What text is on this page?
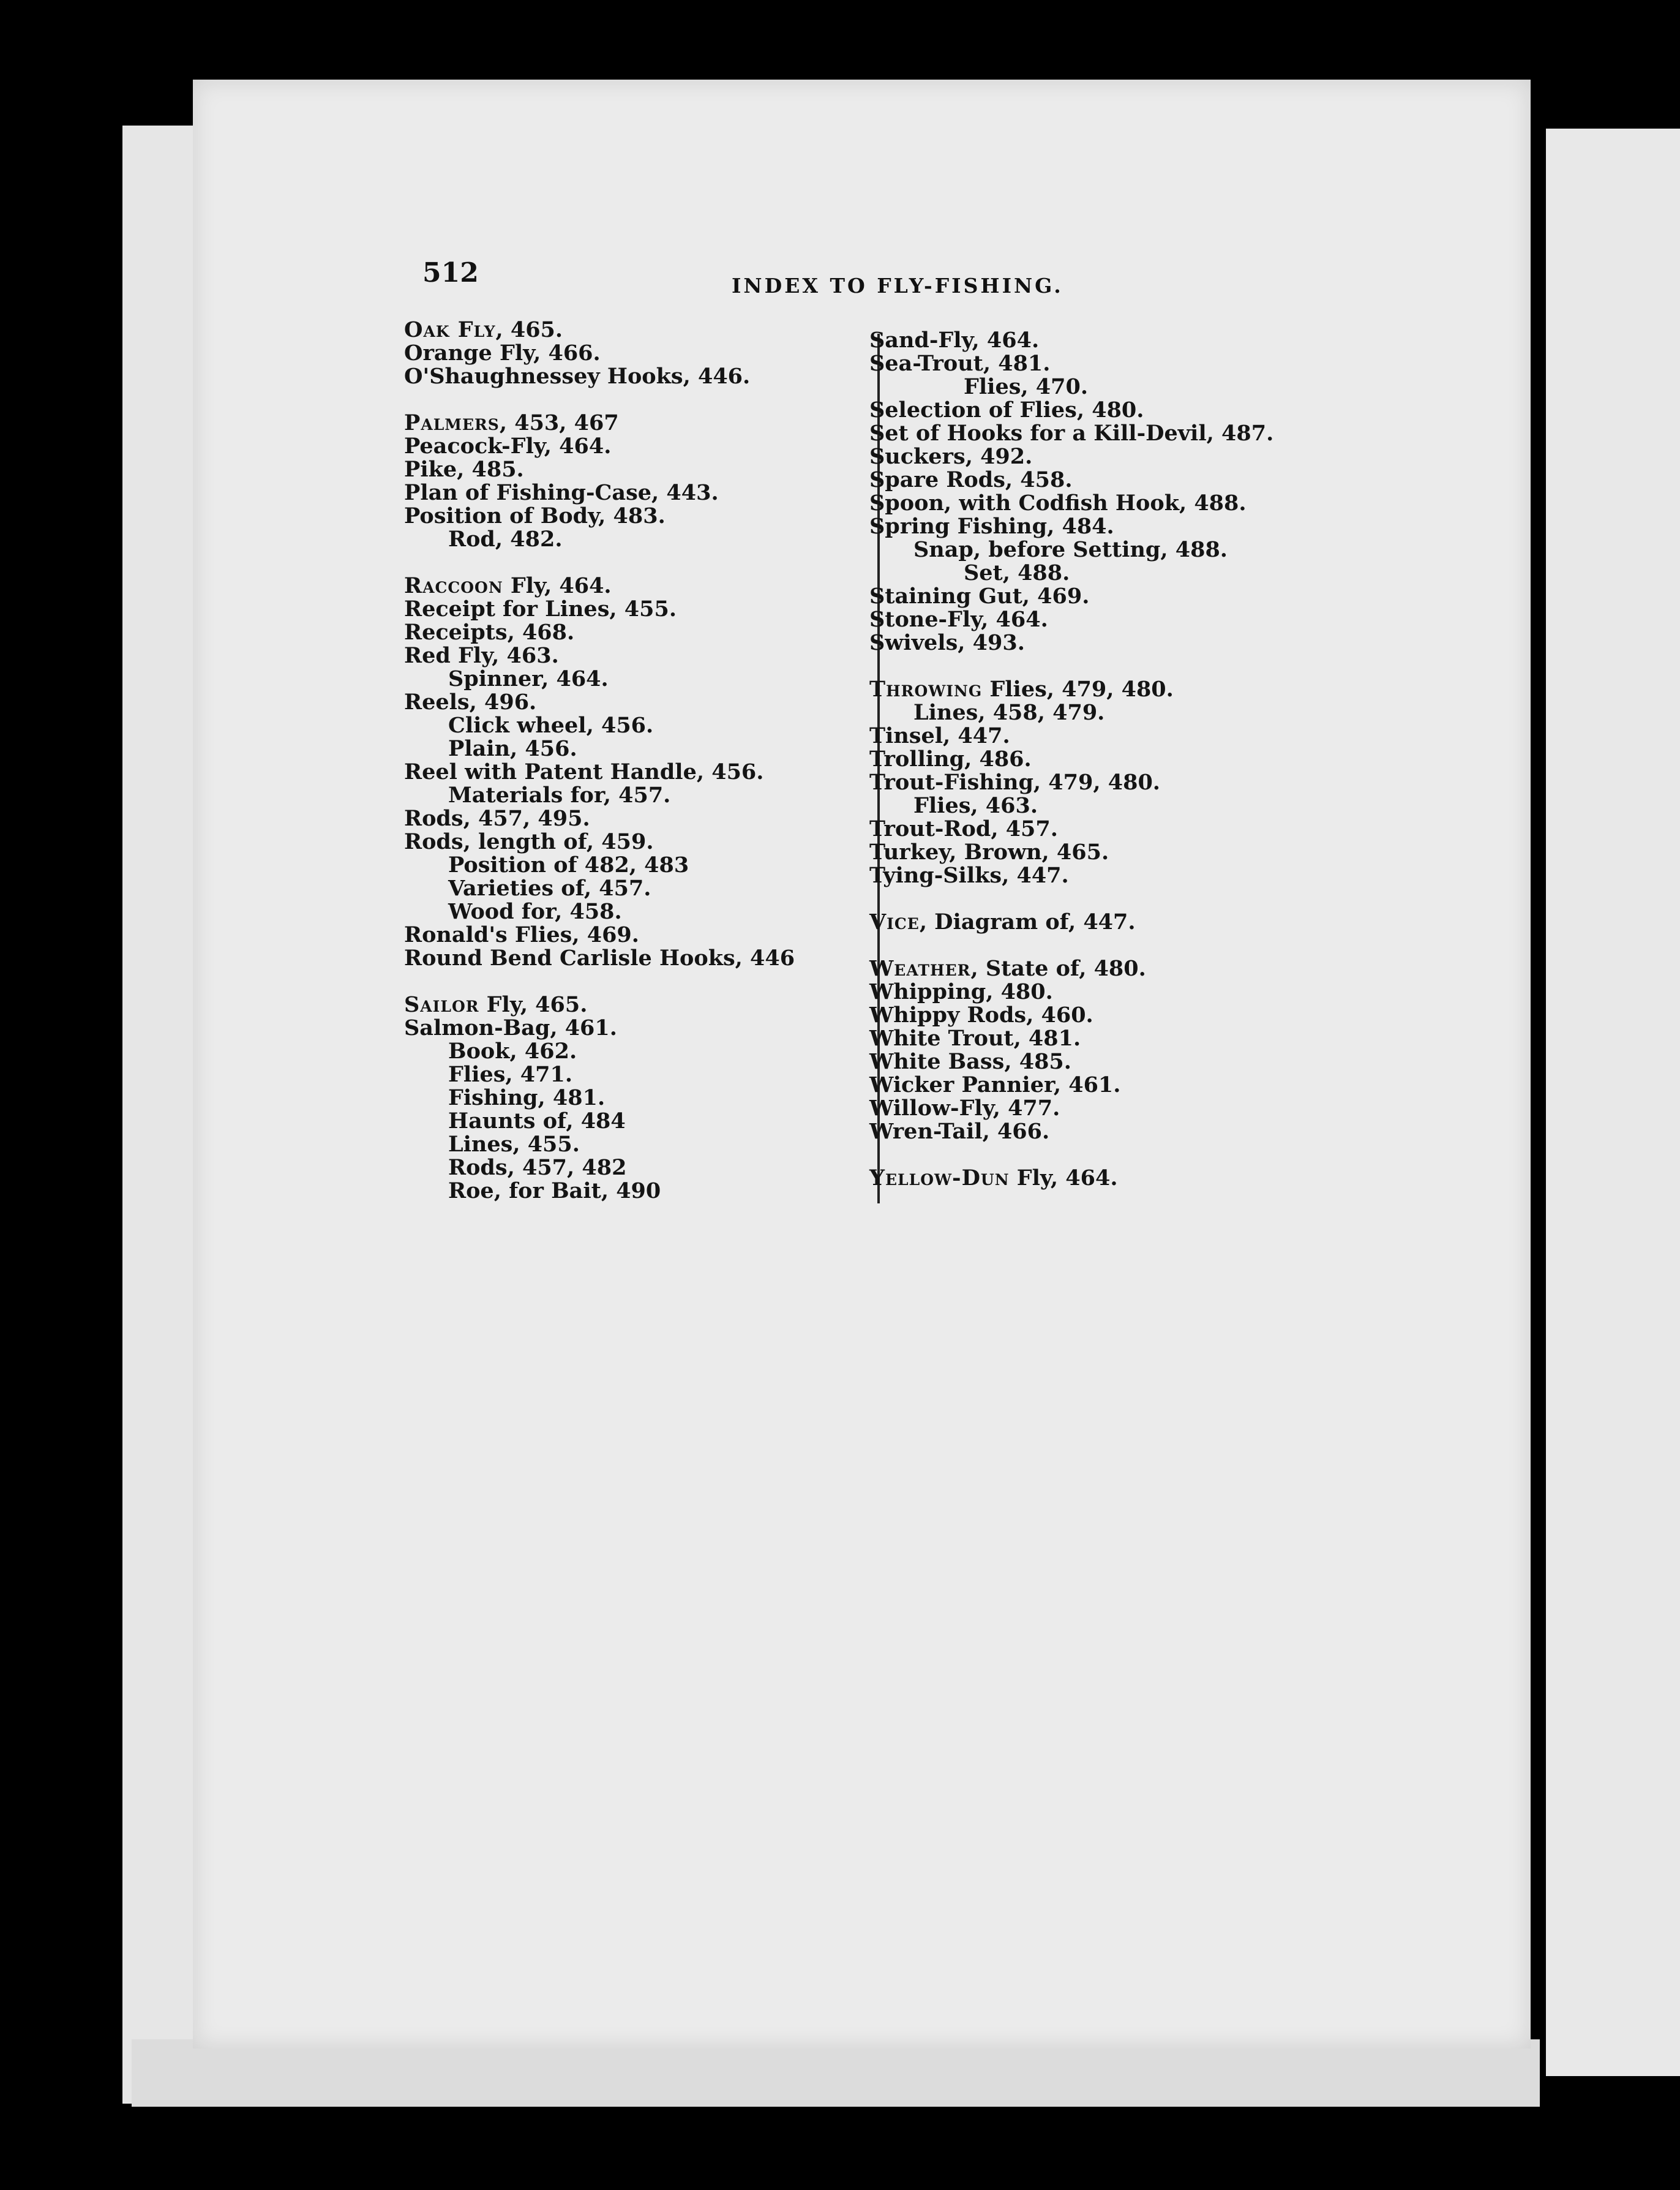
512	INDEX TO FLY-FISHING.
Oak Fly, 465.
Orange Fly, 466.
O'Shaughnessey Hooks, 446.
Palmers, 453, 467
Peacock-Fly, 464.
Pike, 485.
Plan of Fishing-Case, 443.
Position of Body, 483.
Rod, 482.
Raccoon Fly, 464.
Receipt for Lines, 455.
Receipts, 468.
Red Fly, 463.
Spinner, 464.
Reels, 496.
Click wheel, 456.
Plain, 456.
Reel with Patent Handle, 456.
Materials for, 457.
Rods, 457, 495.
Rods, length of, 459.
Position of 482, 483
Varieties of, 457.
Wood for, 458.
Ronald's Flies, 469.
Round Bend Carlisle Hooks, 446
Sailor Fly, 465.
Salmon-Bag, 461.
Book, 462.
Flies, 471.
Fishing, 481.
Haunts of, 484
Lines, 455.
Rods, 457, 482
Roe, for Bait, 490
Sand-Fly, 464.
Sea-Trout, 481.
Flies, 470.
Selection of Flies, 480.
Set of Hooks for a Kill-Devil, 487.
Suckers, 492.
Spare Rods, 458.
Spoon, with Codfish Hook, 488.
Spring Fishing, 484.
Snap, before Setting, 488.
Set, 488.
Staining Gut, 469.
Stone-Fly, 464.
Swivels, 493.
Throwing Flies, 479, 480.
Lines, 458, 479.
Tinsel, 447.
Trolling, 486.
Trout-Fishing, 479, 480.
Flies, 463.
Trout-Rod, 457.
Turkey, Brown, 465.
Tying-Silks, 447.
Vice, Diagram of, 447.
Weather, State of, 480.
Whipping, 480.
Whippy Rods, 460.
White Trout, 481.
White Bass, 485.
Wicker Pannier, 461.
Willow-Fly, 477.
Wren-Tail, 466.
Yellow-Dun Fly, 464.
